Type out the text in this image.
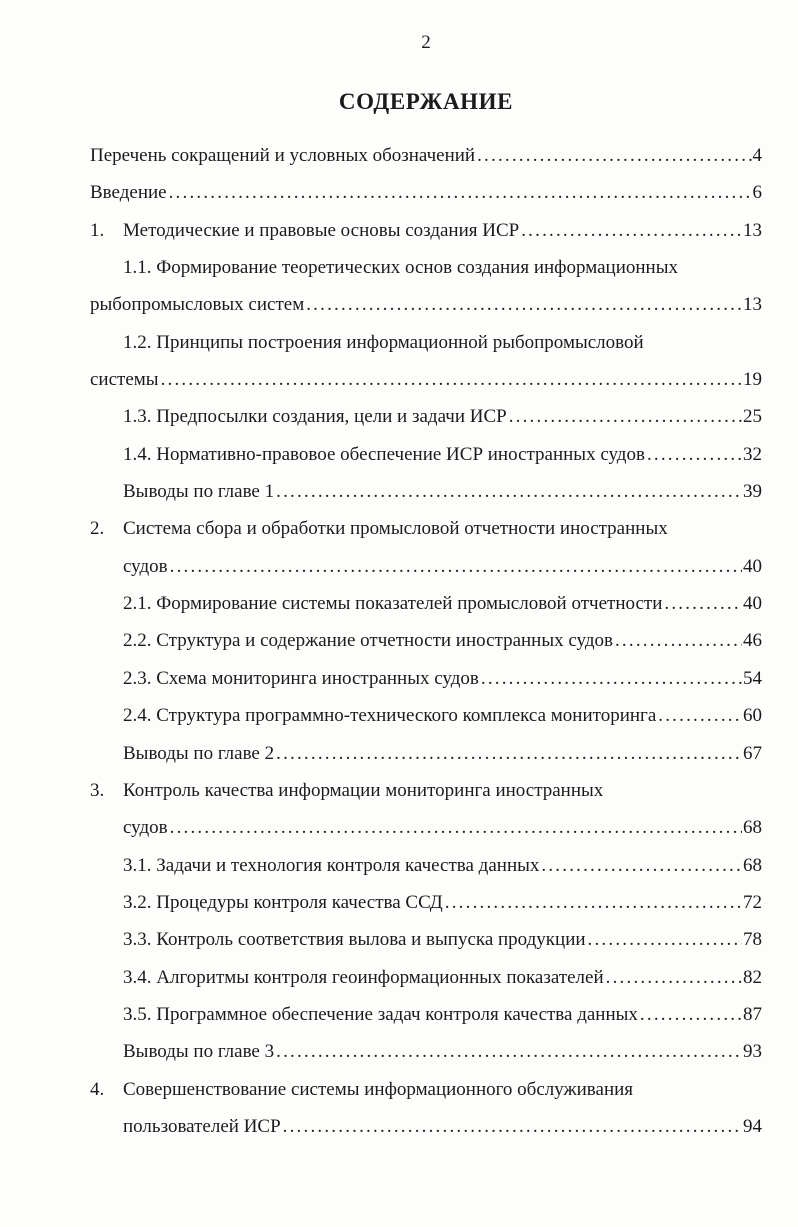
2
СОДЕРЖАНИЕ
Перечень сокращений и условных обозначений .....	4
Введение .....	6
1. Методические и правовые основы создания ИСР .....	13
1.1. Формирование теоретических основ создания информационных
рыбопромысловых систем .....	13
1.2. Принципы построения информационной рыбопромысловой
системы .....	19
1.3. Предпосылки создания, цели и задачи ИСР .....	25
1.4. Нормативно-правовое обеспечение ИСР иностранных судов .....	32
Выводы по главе 1 .....	39
2. Система сбора и обработки промысловой отчетности иностранных
судов .....	40
2.1. Формирование системы показателей промысловой отчетности .....	40
2.2. Структура и содержание отчетности иностранных судов .....	46
2.3. Схема мониторинга иностранных судов .....	54
2.4. Структура программно-технического комплекса мониторинга .....	60
Выводы по главе 2 .....	67
3. Контроль качества информации мониторинга иностранных
судов .....	68
3.1. Задачи и технология контроля качества данных .....	68
3.2. Процедуры контроля качества ССД .....	72
3.3. Контроль соответствия вылова и выпуска продукции .....	78
3.4. Алгоритмы контроля геоинформационных показателей .....	82
3.5. Программное обеспечение задач контроля качества данных .....	87
Выводы по главе 3 .....	93
4. Совершенствование системы информационного обслуживания
пользователей ИСР .....	94
